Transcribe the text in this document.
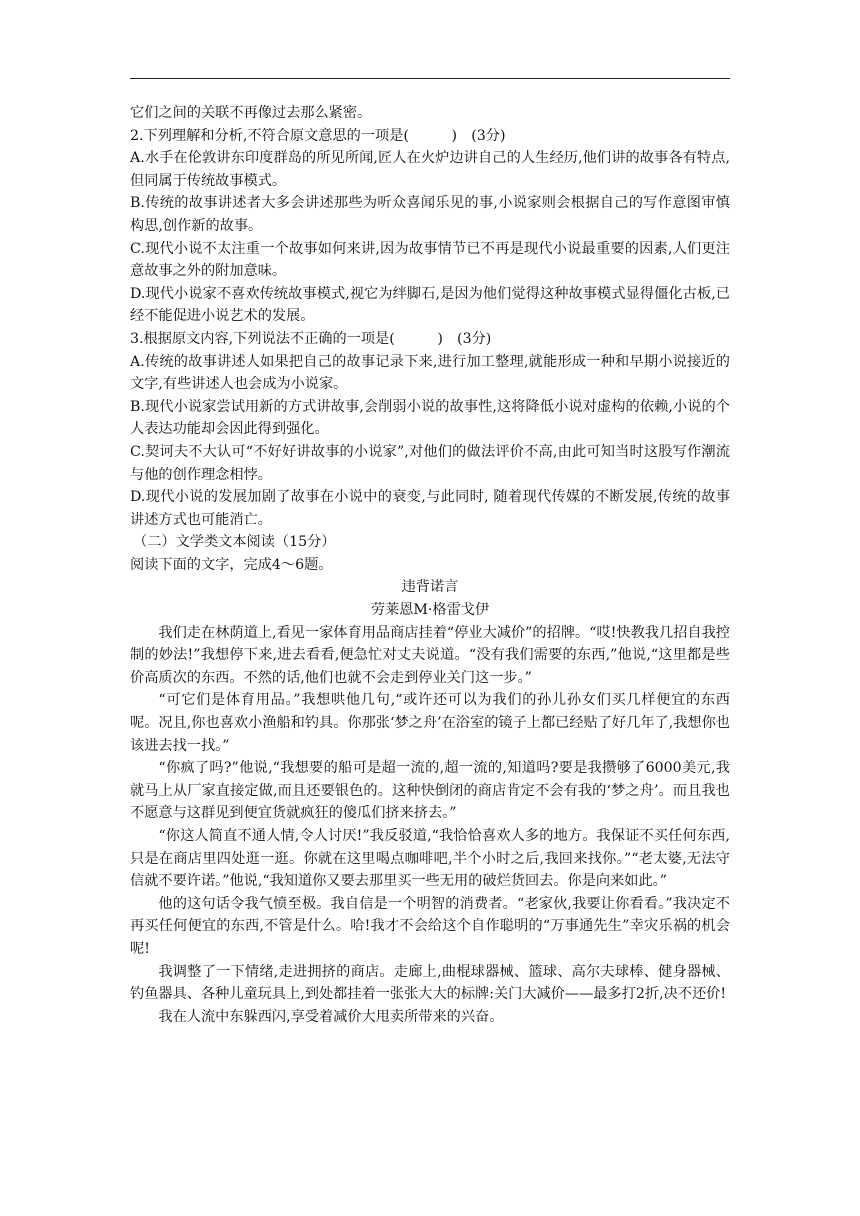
它们之间的关联不再像过去那么紧密。

2.下列理解和分析,不符合原文意思的一项是(　　　)　(3分)

A.水手在伦敦讲东印度群岛的所见所闻,匠人在火炉边讲自己的人生经历,他们讲的故事各有特点,但同属于传统故事模式。

B.传统的故事讲述者大多会讲述那些为听众喜闻乐见的事,小说家则会根据自己的写作意图审慎构思,创作新的故事。

C.现代小说不太注重一个故事如何来讲,因为故事情节已不再是现代小说最重要的因素,人们更注意故事之外的附加意味。

D.现代小说家不喜欢传统故事模式,视它为绊脚石,是因为他们觉得这种故事模式显得僵化古板,已经不能促进小说艺术的发展。

3.根据原文内容,下列说法不正确的一项是(　　　)　(3分)

A.传统的故事讲述人如果把自己的故事记录下来,进行加工整理,就能形成一种和早期小说接近的文字,有些讲述人也会成为小说家。

B.现代小说家尝试用新的方式讲故事,会削弱小说的故事性,这将降低小说对虚构的依赖,小说的个人表达功能却会因此得到强化。

C.契诃夫不大认可“不好好讲故事的小说家”,对他们的做法评价不高,由此可知当时这股写作潮流与他的创作理念相悖。

D.现代小说的发展加剧了故事在小说中的衰变,与此同时, 随着现代传媒的不断发展,传统的故事讲述方式也可能消亡。

（二）文学类文本阅读（15分）

阅读下面的文字，完成4～6题。

违背诺言

劳莱恩M·格雷戈伊

我们走在林荫道上,看见一家体育用品商店挂着“停业大减价”的招牌。“哎!快教我几招自我控制的妙法!”我想停下来,进去看看,便急忙对丈夫说道。“没有我们需要的东西,”他说,“这里都是些价高质次的东西。不然的话,他们也就不会走到停业关门这一步。”

“可它们是体育用品。”我想哄他几句,“或许还可以为我们的孙儿孙女们买几样便宜的东西呢。况且,你也喜欢小渔船和钓具。你那张‘梦之舟’在浴室的镜子上都已经贴了好几年了,我想你也该进去找一找。”

“你疯了吗?”他说,“我想要的船可是超一流的,超一流的,知道吗?要是我攒够了6000美元,我就马上从厂家直接定做,而且还要银色的。这种快倒闭的商店肯定不会有我的‘梦之舟’。而且我也不愿意与这群见到便宜货就疯狂的傻瓜们挤来挤去。”

“你这人简直不通人情,令人讨厌!”我反驳道,“我恰恰喜欢人多的地方。我保证不买任何东西,只是在商店里四处逛一逛。你就在这里喝点咖啡吧,半个小时之后,我回来找你。”“老太婆,无法守信就不要许诺。”他说,“我知道你又要去那里买一些无用的破烂货回去。你是向来如此。”

他的这句话令我气愤至极。我自信是一个明智的消费者。“老家伙,我要让你看看。”我决定不再买任何便宜的东西,不管是什么。哈!我才不会给这个自作聪明的“万事通先生”幸灾乐祸的机会呢!

我调整了一下情绪,走进拥挤的商店。走廊上,曲棍球器械、篮球、高尔夫球棒、健身器械、钓鱼器具、各种儿童玩具上,到处都挂着一张张大大的标牌:关门大减价——最多打2折,决不还价!

我在人流中东躲西闪,享受着减价大甩卖所带来的兴奋。
